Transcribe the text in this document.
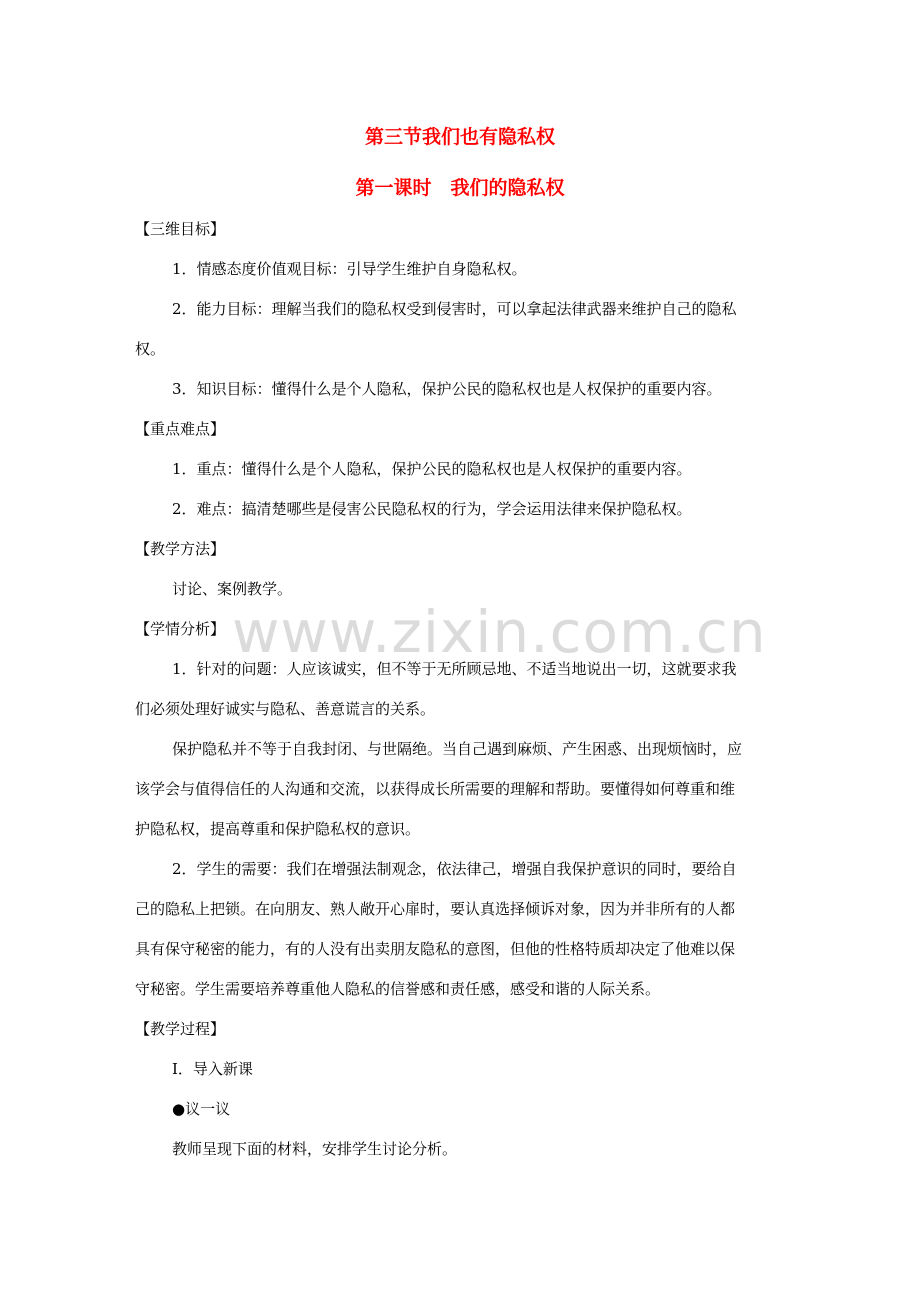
第三节我们也有隐私权
第一课时　我们的隐私权
www.zixin.com.cn
【三维目标】
1．情感态度价值观目标：引导学生维护自身隐私权。
2．能力目标：理解当我们的隐私权受到侵害时，可以拿起法律武器来维护自己的隐私
权。
3．知识目标：懂得什么是个人隐私，保护公民的隐私权也是人权保护的重要内容。
【重点难点】
1．重点：懂得什么是个人隐私，保护公民的隐私权也是人权保护的重要内容。
2．难点：搞清楚哪些是侵害公民隐私权的行为，学会运用法律来保护隐私权。
【教学方法】
讨论、案例教学。
【学情分析】
1．针对的问题：人应该诚实，但不等于无所顾忌地、不适当地说出一切，这就要求我
们必须处理好诚实与隐私、善意谎言的关系。
保护隐私并不等于自我封闭、与世隔绝。当自己遇到麻烦、产生困惑、出现烦恼时，应
该学会与值得信任的人沟通和交流，以获得成长所需要的理解和帮助。要懂得如何尊重和维
护隐私权，提高尊重和保护隐私权的意识。
2．学生的需要：我们在增强法制观念，依法律己，增强自我保护意识的同时，要给自
己的隐私上把锁。在向朋友、熟人敞开心扉时，要认真选择倾诉对象，因为并非所有的人都
具有保守秘密的能力，有的人没有出卖朋友隐私的意图，但他的性格特质却决定了他难以保
守秘密。学生需要培养尊重他人隐私的信誉感和责任感，感受和谐的人际关系。
【教学过程】
Ⅰ．导入新课
●议一议
教师呈现下面的材料，安排学生讨论分析。
